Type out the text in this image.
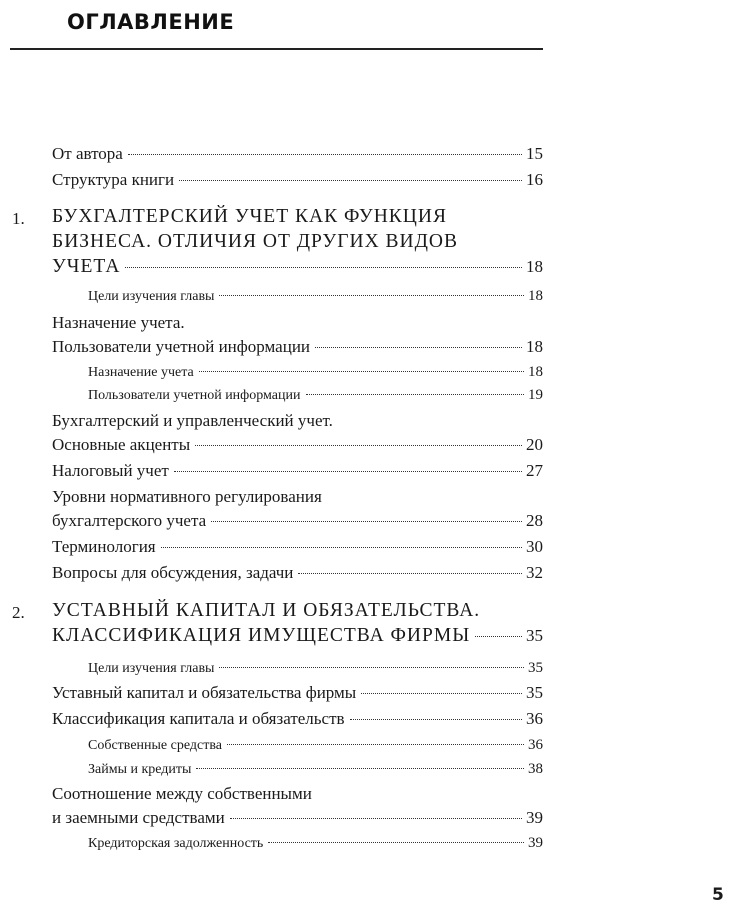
ОГЛАВЛЕНИЕ
От автора	15
Структура книги	16
1. БУХГАЛТЕРСКИЙ УЧЕТ КАК ФУНКЦИЯ
БИЗНЕСА. ОТЛИЧИЯ ОТ ДРУГИХ ВИДОВ
УЧЕТА	18
Цели изучения главы	18
Назначение учета.
Пользователи учетной информации	18
Назначение учета	18
Пользователи учетной информации	19
Бухгалтерский и управленческий учет.
Основные акценты	20
Налоговый учет	27
Уровни нормативного регулирования
бухгалтерского учета	28
Терминология	30
Вопросы для обсуждения, задачи	32
2. УСТАВНЫЙ КАПИТАЛ И ОБЯЗАТЕЛЬСТВА.
КЛАССИФИКАЦИЯ ИМУЩЕСТВА ФИРМЫ	35
Цели изучения главы	35
Уставный капитал и обязательства фирмы	35
Классификация капитала и обязательств	36
Собственные средства	36
Займы и кредиты	38
Соотношение между собственными
и заемными средствами	39
Кредиторская задолженность	39
5
